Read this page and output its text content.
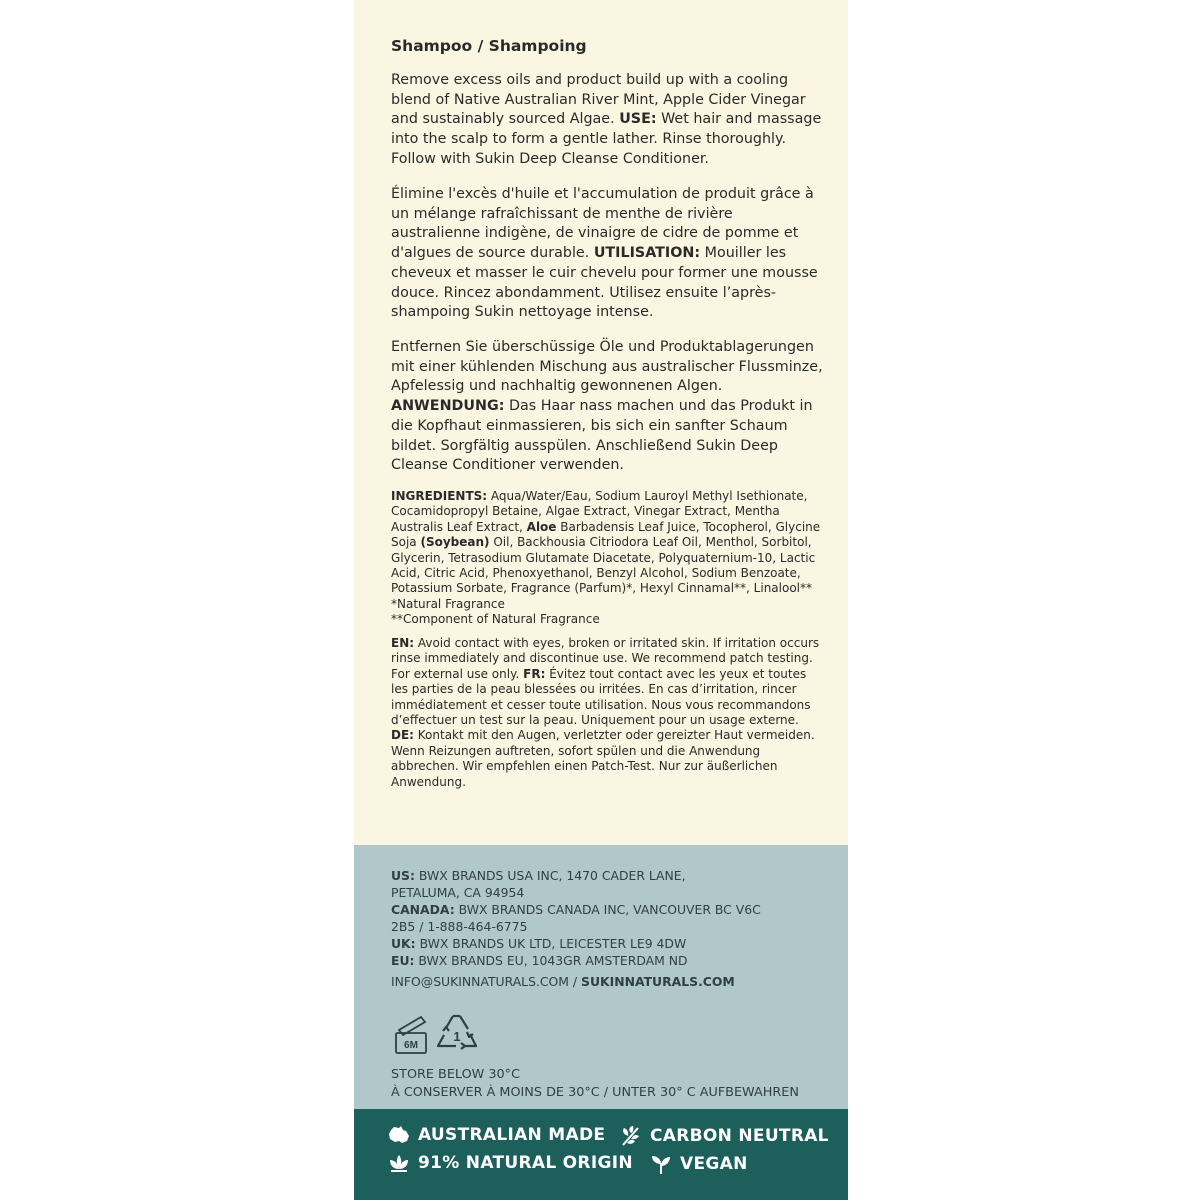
Shampoo / Shampoing
Remove excess oils and product build up with a cooling blend of Native Australian River Mint, Apple Cider Vinegar and sustainably sourced Algae. USE: Wet hair and massage into the scalp to form a gentle lather. Rinse thoroughly. Follow with Sukin Deep Cleanse Conditioner.
Élimine l'excès d'huile et l'accumulation de produit grâce à un mélange rafraîchissant de menthe de rivière australienne indigène, de vinaigre de cidre de pomme et d'algues de source durable. UTILISATION: Mouiller les cheveux et masser le cuir chevelu pour former une mousse douce. Rincez abondamment. Utilisez ensuite l’après-shampoing Sukin nettoyage intense.
Entfernen Sie überschüssige Öle und Produktablagerungen mit einer kühlenden Mischung aus australischer Flussminze, Apfelessig und nachhaltig gewonnenen Algen. ANWENDUNG: Das Haar nass machen und das Produkt in die Kopfhaut einmassieren, bis sich ein sanfter Schaum bildet. Sorgfältig ausspülen. Anschließend Sukin Deep Cleanse Conditioner verwenden.
INGREDIENTS: Aqua/Water/Eau, Sodium Lauroyl Methyl Isethionate, Cocamidopropyl Betaine, Algae Extract, Vinegar Extract, Mentha Australis Leaf Extract, Aloe Barbadensis Leaf Juice, Tocopherol, Glycine Soja (Soybean) Oil, Backhousia Citriodora Leaf Oil, Menthol, Sorbitol, Glycerin, Tetrasodium Glutamate Diacetate, Polyquaternium-10, Lactic Acid, Citric Acid, Phenoxyethanol, Benzyl Alcohol, Sodium Benzoate, Potassium Sorbate, Fragrance (Parfum)*, Hexyl Cinnamal**, Linalool** *Natural Fragrance
**Component of Natural Fragrance
EN: Avoid contact with eyes, broken or irritated skin. If irritation occurs rinse immediately and discontinue use. We recommend patch testing. For external use only. FR: Évitez tout contact avec les yeux et toutes les parties de la peau blessées ou irritées. En cas d’irritation, rincer immédiatement et cesser toute utilisation. Nous vous recommandons d’effectuer un test sur la peau. Uniquement pour un usage externe. DE: Kontakt mit den Augen, verletzter oder gereizter Haut vermeiden. Wenn Reizungen auftreten, sofort spülen und die Anwendung abbrechen. Wir empfehlen einen Patch-Test. Nur zur äußerlichen Anwendung.
US: BWX BRANDS USA INC, 1470 CADER LANE,
PETALUMA, CA 94954
CANADA: BWX BRANDS CANADA INC, VANCOUVER BC V6C
2B5 / 1-888-464-6775
UK: BWX BRANDS UK LTD, LEICESTER LE9 4DW
EU: BWX BRANDS EU, 1043GR AMSTERDAM ND
INFO@SUKINNATURALS.COM / SUKINNATURALS.COM
6M
1
STORE BELOW 30°C
À CONSERVER À MOINS DE 30°C / UNTER 30° C AUFBEWAHREN
AUSTRALIAN MADE	CARBON NEUTRAL
91% NATURAL ORIGIN	VEGAN
